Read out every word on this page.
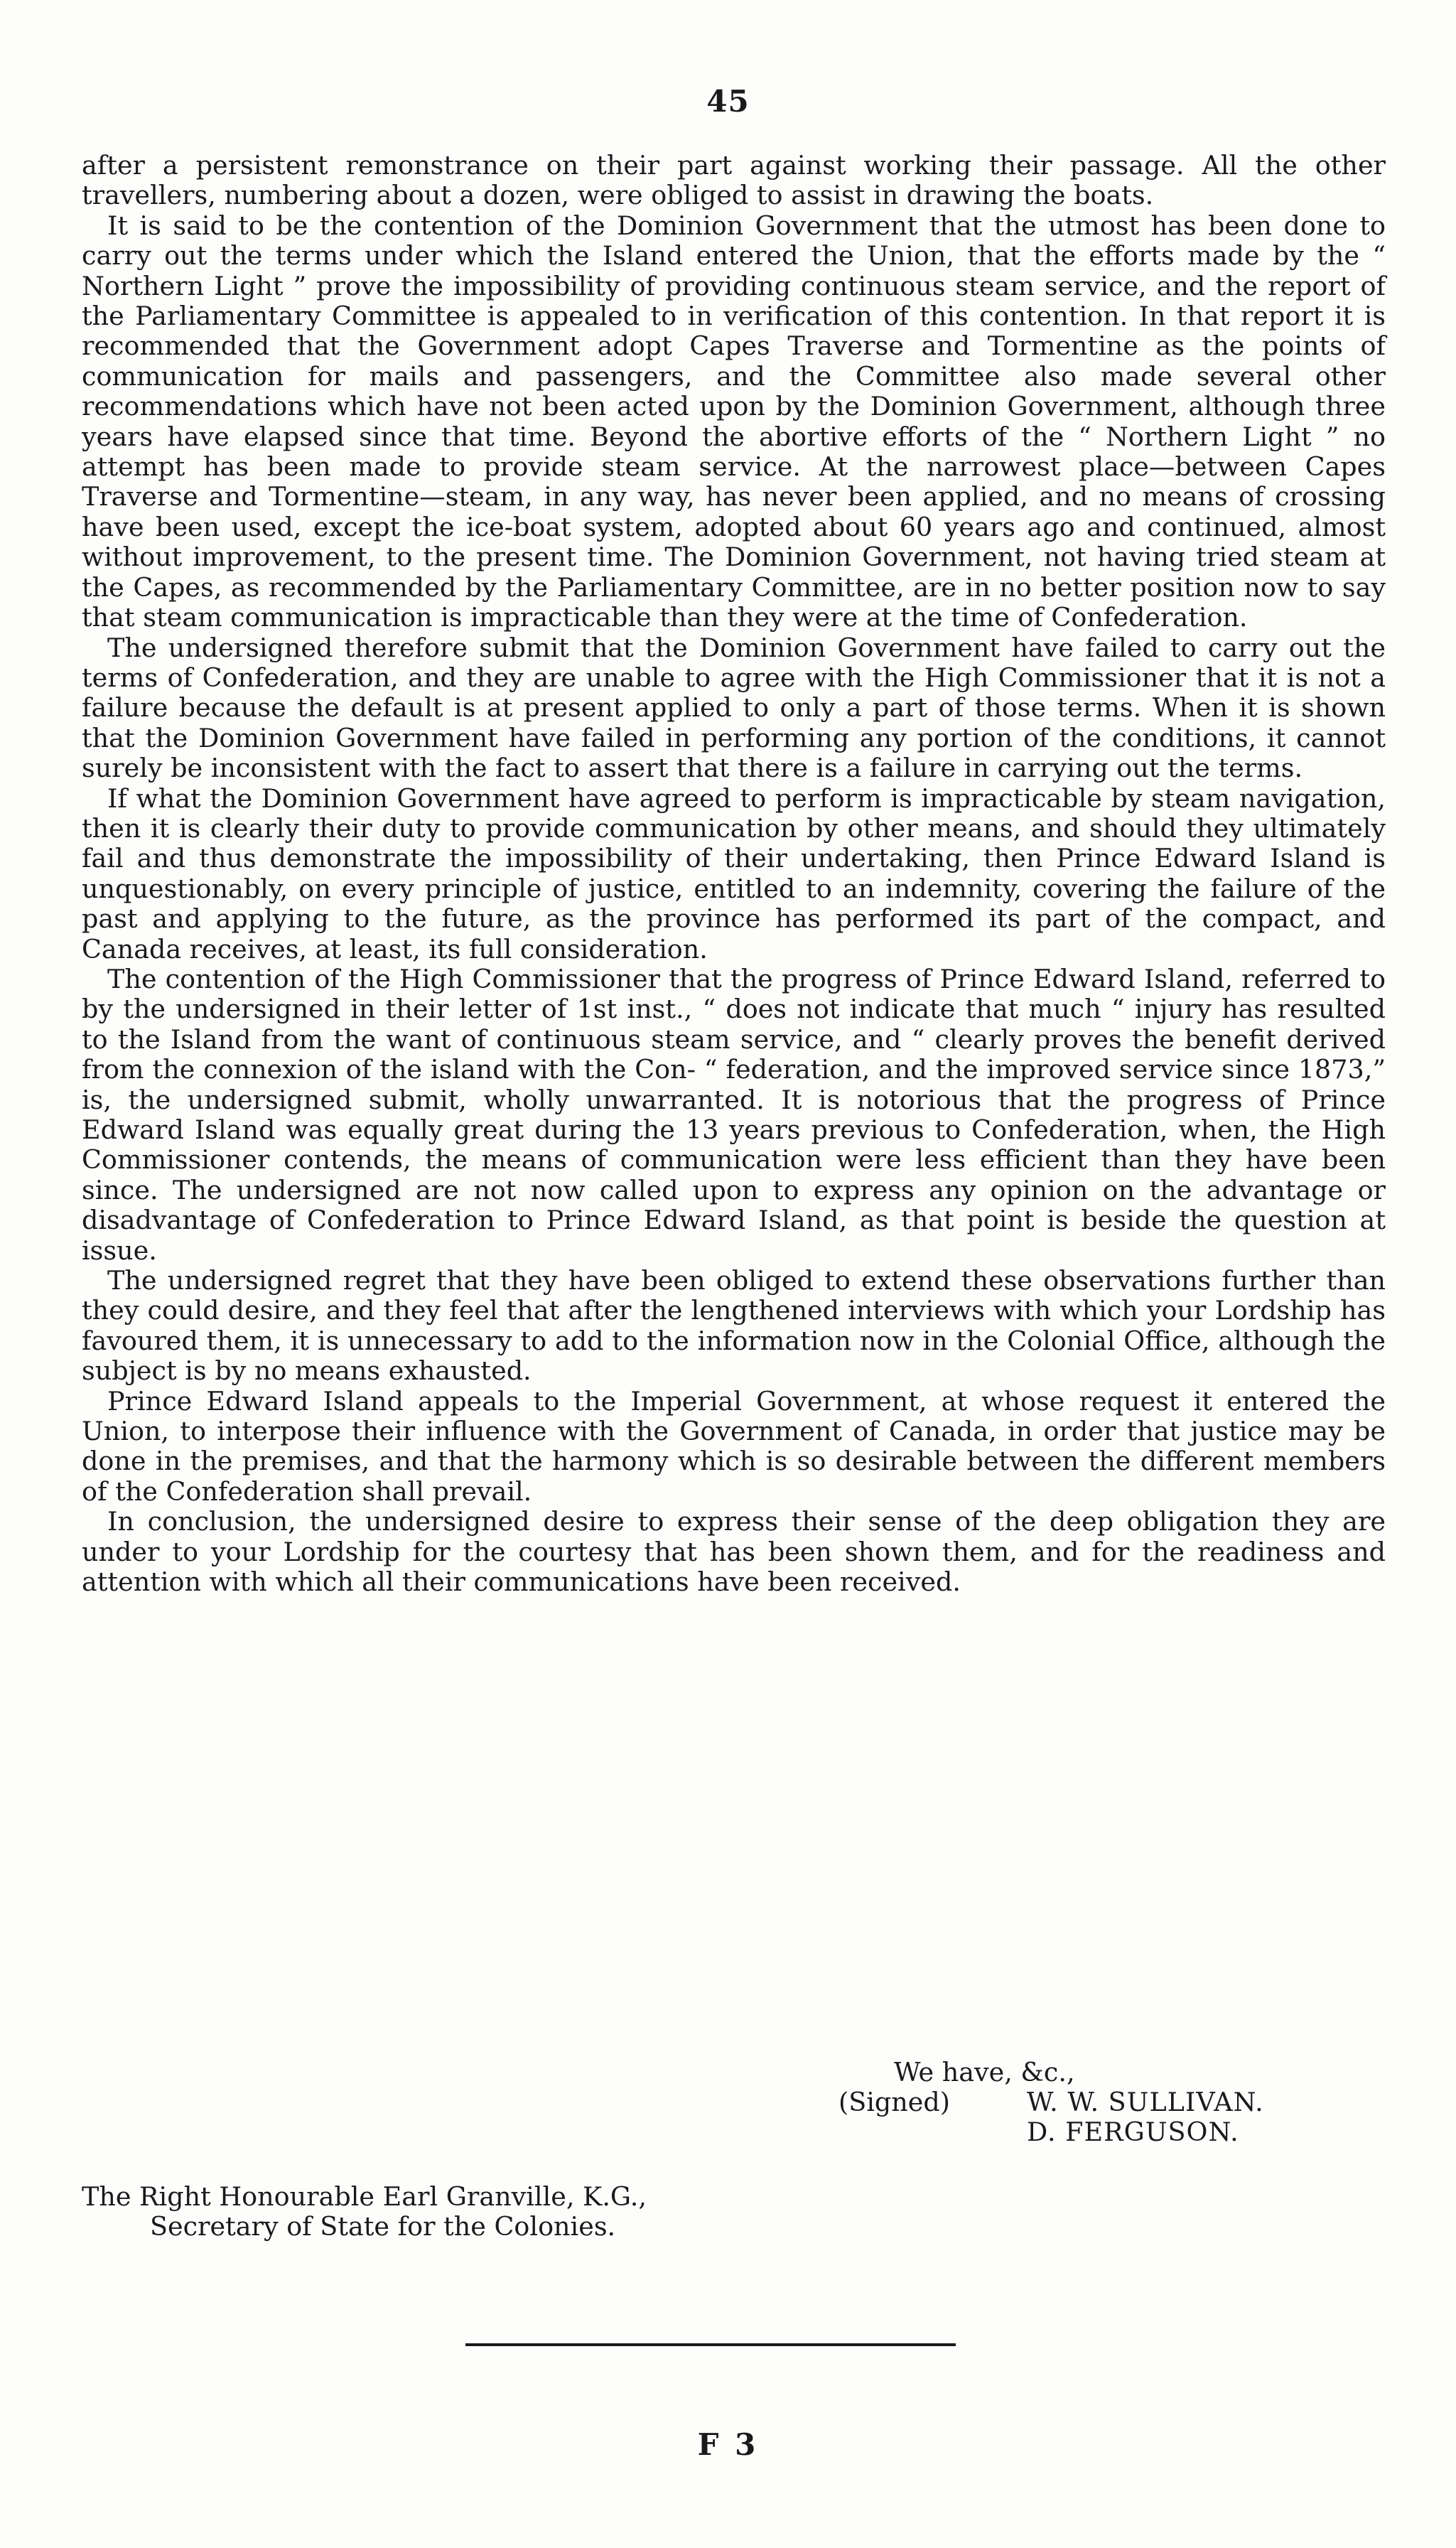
45

after a persistent remonstrance on their part against working their passage. All the other travellers, numbering about a dozen, were obliged to assist in drawing the boats.

It is said to be the contention of the Dominion Government that the utmost has been done to carry out the terms under which the Island entered the Union, that the efforts made by the “ Northern Light ” prove the impossibility of providing continuous steam service, and the report of the Parliamentary Committee is appealed to in verification of this contention. In that report it is recommended that the Government adopt Capes Traverse and Tormentine as the points of communication for mails and passengers, and the Committee also made several other recommendations which have not been acted upon by the Dominion Government, although three years have elapsed since that time. Beyond the abortive efforts of the “ Northern Light ” no attempt has been made to provide steam service. At the narrowest place—between Capes Traverse and Tormentine—steam, in any way, has never been applied, and no means of crossing have been used, except the ice-boat system, adopted about 60 years ago and continued, almost without improvement, to the present time. The Dominion Government, not having tried steam at the Capes, as recommended by the Parliamentary Committee, are in no better position now to say that steam communication is impracticable than they were at the time of Confederation.

The undersigned therefore submit that the Dominion Government have failed to carry out the terms of Confederation, and they are unable to agree with the High Commissioner that it is not a failure because the default is at present applied to only a part of those terms. When it is shown that the Dominion Government have failed in performing any portion of the conditions, it cannot surely be inconsistent with the fact to assert that there is a failure in carrying out the terms.

If what the Dominion Government have agreed to perform is impracticable by steam navigation, then it is clearly their duty to provide communication by other means, and should they ultimately fail and thus demonstrate the impossibility of their undertaking, then Prince Edward Island is unquestionably, on every principle of justice, entitled to an indemnity, covering the failure of the past and applying to the future, as the province has performed its part of the compact, and Canada receives, at least, its full consideration.

The contention of the High Commissioner that the progress of Prince Edward Island, referred to by the undersigned in their letter of 1st inst., “ does not indicate that much “ injury has resulted to the Island from the want of continuous steam service, and “ clearly proves the benefit derived from the connexion of the island with the Con- “ federation, and the improved service since 1873,” is, the undersigned submit, wholly unwarranted. It is notorious that the progress of Prince Edward Island was equally great during the 13 years previous to Confederation, when, the High Commissioner contends, the means of communication were less efficient than they have been since. The undersigned are not now called upon to express any opinion on the advantage or disadvantage of Confederation to Prince Edward Island, as that point is beside the question at issue.

The undersigned regret that they have been obliged to extend these observations further than they could desire, and they feel that after the lengthened interviews with which your Lordship has favoured them, it is unnecessary to add to the information now in the Colonial Office, although the subject is by no means exhausted.

Prince Edward Island appeals to the Imperial Government, at whose request it entered the Union, to interpose their influence with the Government of Canada, in order that justice may be done in the premises, and that the harmony which is so desirable between the different members of the Confederation shall prevail.

In conclusion, the undersigned desire to express their sense of the deep obligation they are under to your Lordship for the courtesy that has been shown them, and for the readiness and attention with which all their communications have been received.

We have, &c.,
(Signed)	W. W. SULLIVAN.
D. FERGUSON.
The Right Honourable Earl Granville, K.G.,
Secretary of State for the Colonies.
F 3
